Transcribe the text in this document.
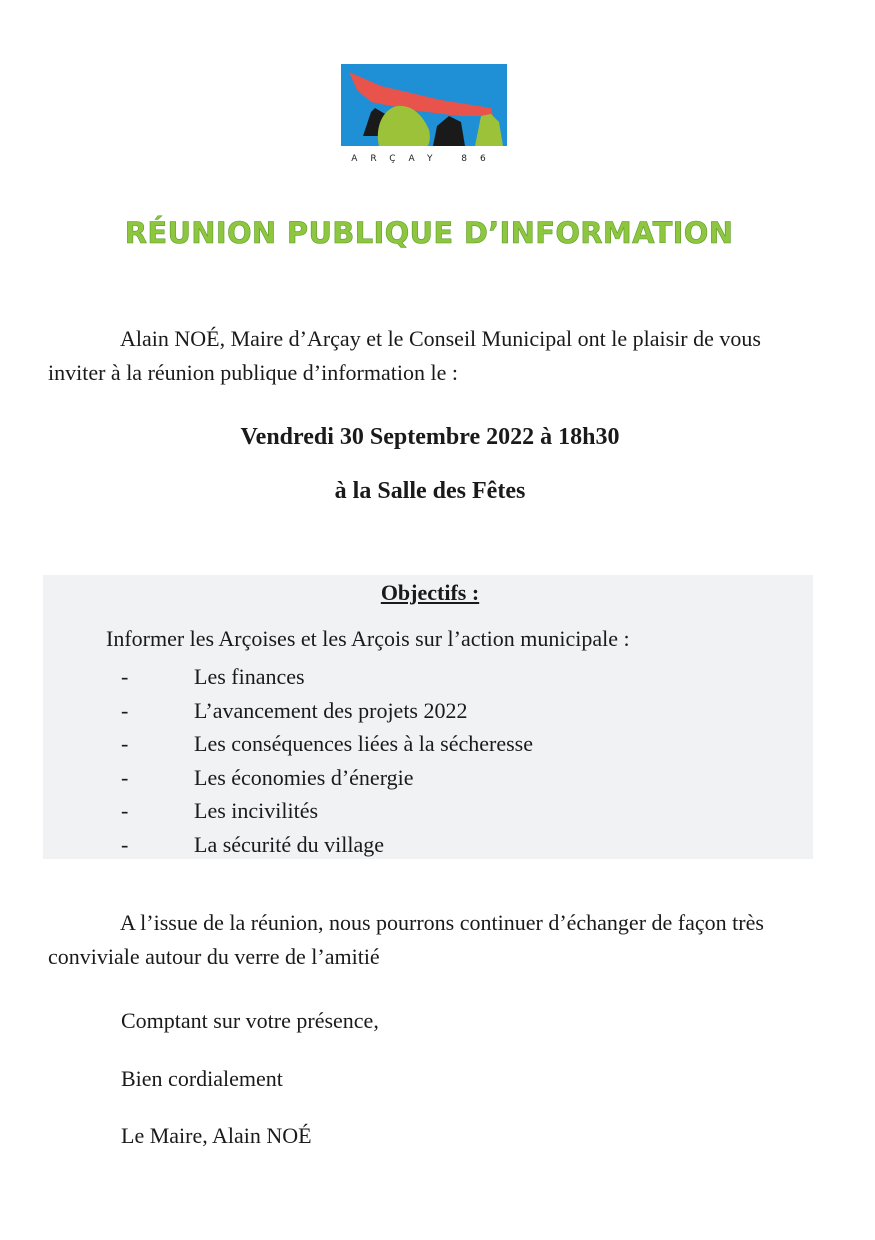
ARÇAY 86
RÉUNION PUBLIQUE D’INFORMATION

Alain NOÉ, Maire d’Arçay et le Conseil Municipal ont le plaisir de vous inviter à la réunion publique d’information le :

Vendredi 30 Septembre 2022 à 18h30
à la Salle des Fêtes
Objectifs :
Informer les Arçoises et les Arçois sur l’action municipale :
-	Les finances
-	L’avancement des projets 2022
-	Les conséquences liées à la sécheresse
-	Les économies d’énergie
-	Les incivilités
-	La sécurité du village

A l’issue de la réunion, nous pourrons continuer d’échanger de façon très conviviale autour du verre de l’amitié

Comptant sur votre présence,
Bien cordialement
Le Maire, Alain NOÉ
